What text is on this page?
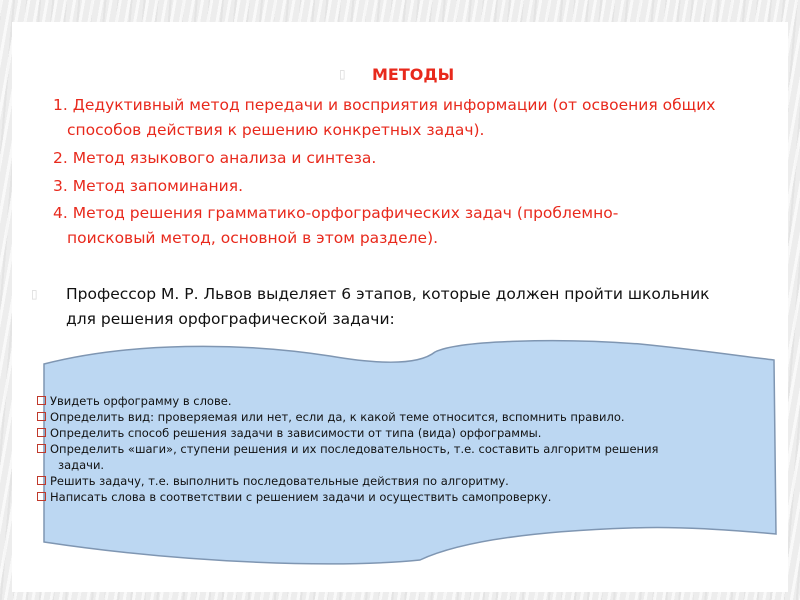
▯ МЕТОДЫ

1. Дедуктивный метод передачи и восприятия информации (от освоения общих

способов действия к решению конкретных задач).

2. Метод языкового анализа и синтеза.

3. Метод запоминания.

4. Метод решения грамматико-орфографических задач (проблемно-

поисковый метод, основной в этом разделе).

▯ Профессор М. Р. Львов выделяет 6 этапов, которые должен пройти школьник

для решения орфографической задачи:

Увидеть орфограмму в слове.
Определить вид: проверяемая или нет, если да, к какой теме относится, вспомнить правило.
Определить способ решения задачи в зависимости от типа (вида) орфограммы.
Определить «шаги», ступени решения и их последовательность, т.е. составить алгоритм решения
задачи.
Решить задачу, т.е. выполнить последовательные действия по алгоритму.
Написать слова в соответствии с решением задачи и осуществить самопроверку.
